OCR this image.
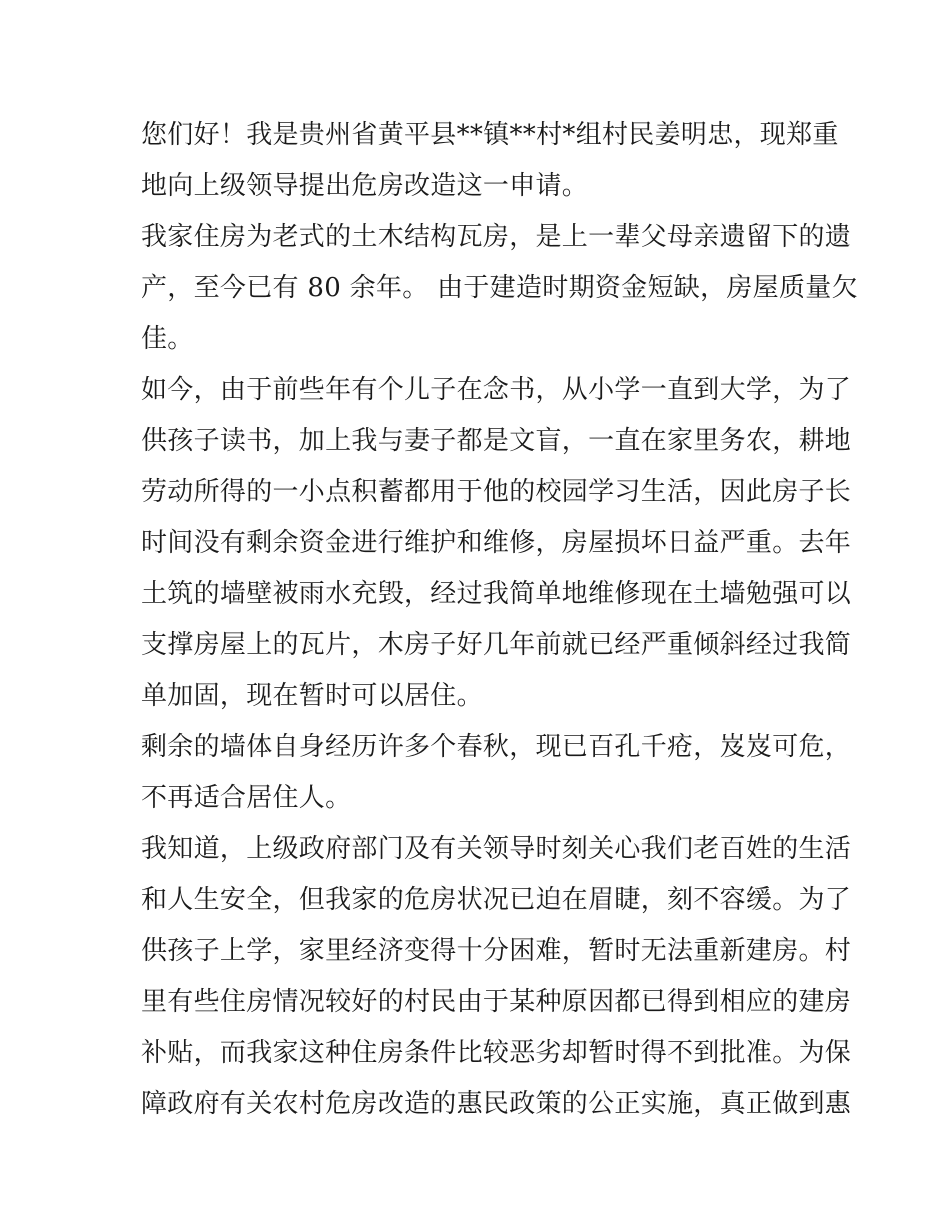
您们好！我是贵州省黄平县**镇**村*组村民姜明忠，现郑重
地向上级领导提出危房改造这一申请。

我家住房为老式的土木结构瓦房，是上一辈父母亲遗留下的遗
产，至今已有 80 余年。 由于建造时期资金短缺，房屋质量欠
佳。

如今，由于前些年有个儿子在念书，从小学一直到大学，为了
供孩子读书，加上我与妻子都是文盲，一直在家里务农，耕地
劳动所得的一小点积蓄都用于他的校园学习生活，因此房子长
时间没有剩余资金进行维护和维修，房屋损坏日益严重。去年
土筑的墙壁被雨水充毁，经过我简单地维修现在土墙勉强可以
支撑房屋上的瓦片，木房子好几年前就已经严重倾斜经过我简
单加固，现在暂时可以居住。

剩余的墙体自身经历许多个春秋，现已百孔千疮，岌岌可危，
不再适合居住人。

我知道，上级政府部门及有关领导时刻关心我们老百姓的生活
和人生安全，但我家的危房状况已迫在眉睫，刻不容缓。为了
供孩子上学，家里经济变得十分困难，暂时无法重新建房。村
里有些住房情况较好的村民由于某种原因都已得到相应的建房
补贴，而我家这种住房条件比较恶劣却暂时得不到批准。为保
障政府有关农村危房改造的惠民政策的公正实施，真正做到惠
